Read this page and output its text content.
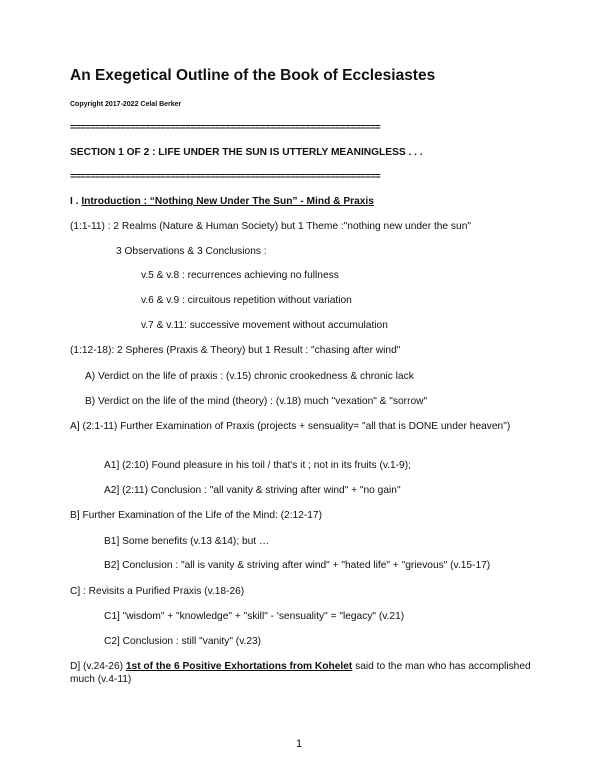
An Exegetical Outline of the Book of Ecclesiastes
Copyright 2017-2022 Celal Berker
==============================================================
SECTION 1 OF 2 : LIFE UNDER THE SUN IS UTTERLY MEANINGLESS . . .
==============================================================
I . Introduction : “Nothing New Under The Sun” - Mind & Praxis
(1:1-11) : 2 Realms (Nature & Human Society) but 1 Theme :"nothing new under the sun"
3 Observations & 3 Conclusions :
v.5 & v.8 : recurrences achieving no fullness
v.6 & v.9 : circuitous repetition without variation
v.7 & v.11: successive movement without accumulation
(1:12-18): 2 Spheres (Praxis & Theory) but 1 Result : "chasing after wind"
A) Verdict on the life of praxis : (v.15) chronic crookedness & chronic lack
B) Verdict on the life of the mind (theory) : (v.18) much "vexation" & "sorrow"
A] (2:1-11) Further Examination of Praxis (projects + sensuality= "all that is DONE under heaven")
A1] (2:10) Found pleasure in his toil / that's it ; not in its fruits (v.1-9);
A2] (2:11) Conclusion : "all vanity & striving after wind" + "no gain"
B] Further Examination of the Life of the Mind: (2:12-17)
B1] Some benefits (v.13 &14); but …
B2] Conclusion : "all is vanity & striving after wind" + "hated life" + "grievous" (v.15-17)
C] : Revisits a Purified Praxis (v.18-26)
C1] "wisdom" + "knowledge" + "skill" - 'sensuality" = "legacy" (v.21)
C2] Conclusion : still "vanity" (v.23)
D] (v.24-26) 1st of the 6 Positive Exhortations from Kohelet said to the man who has accomplished much (v.4-11)
1
